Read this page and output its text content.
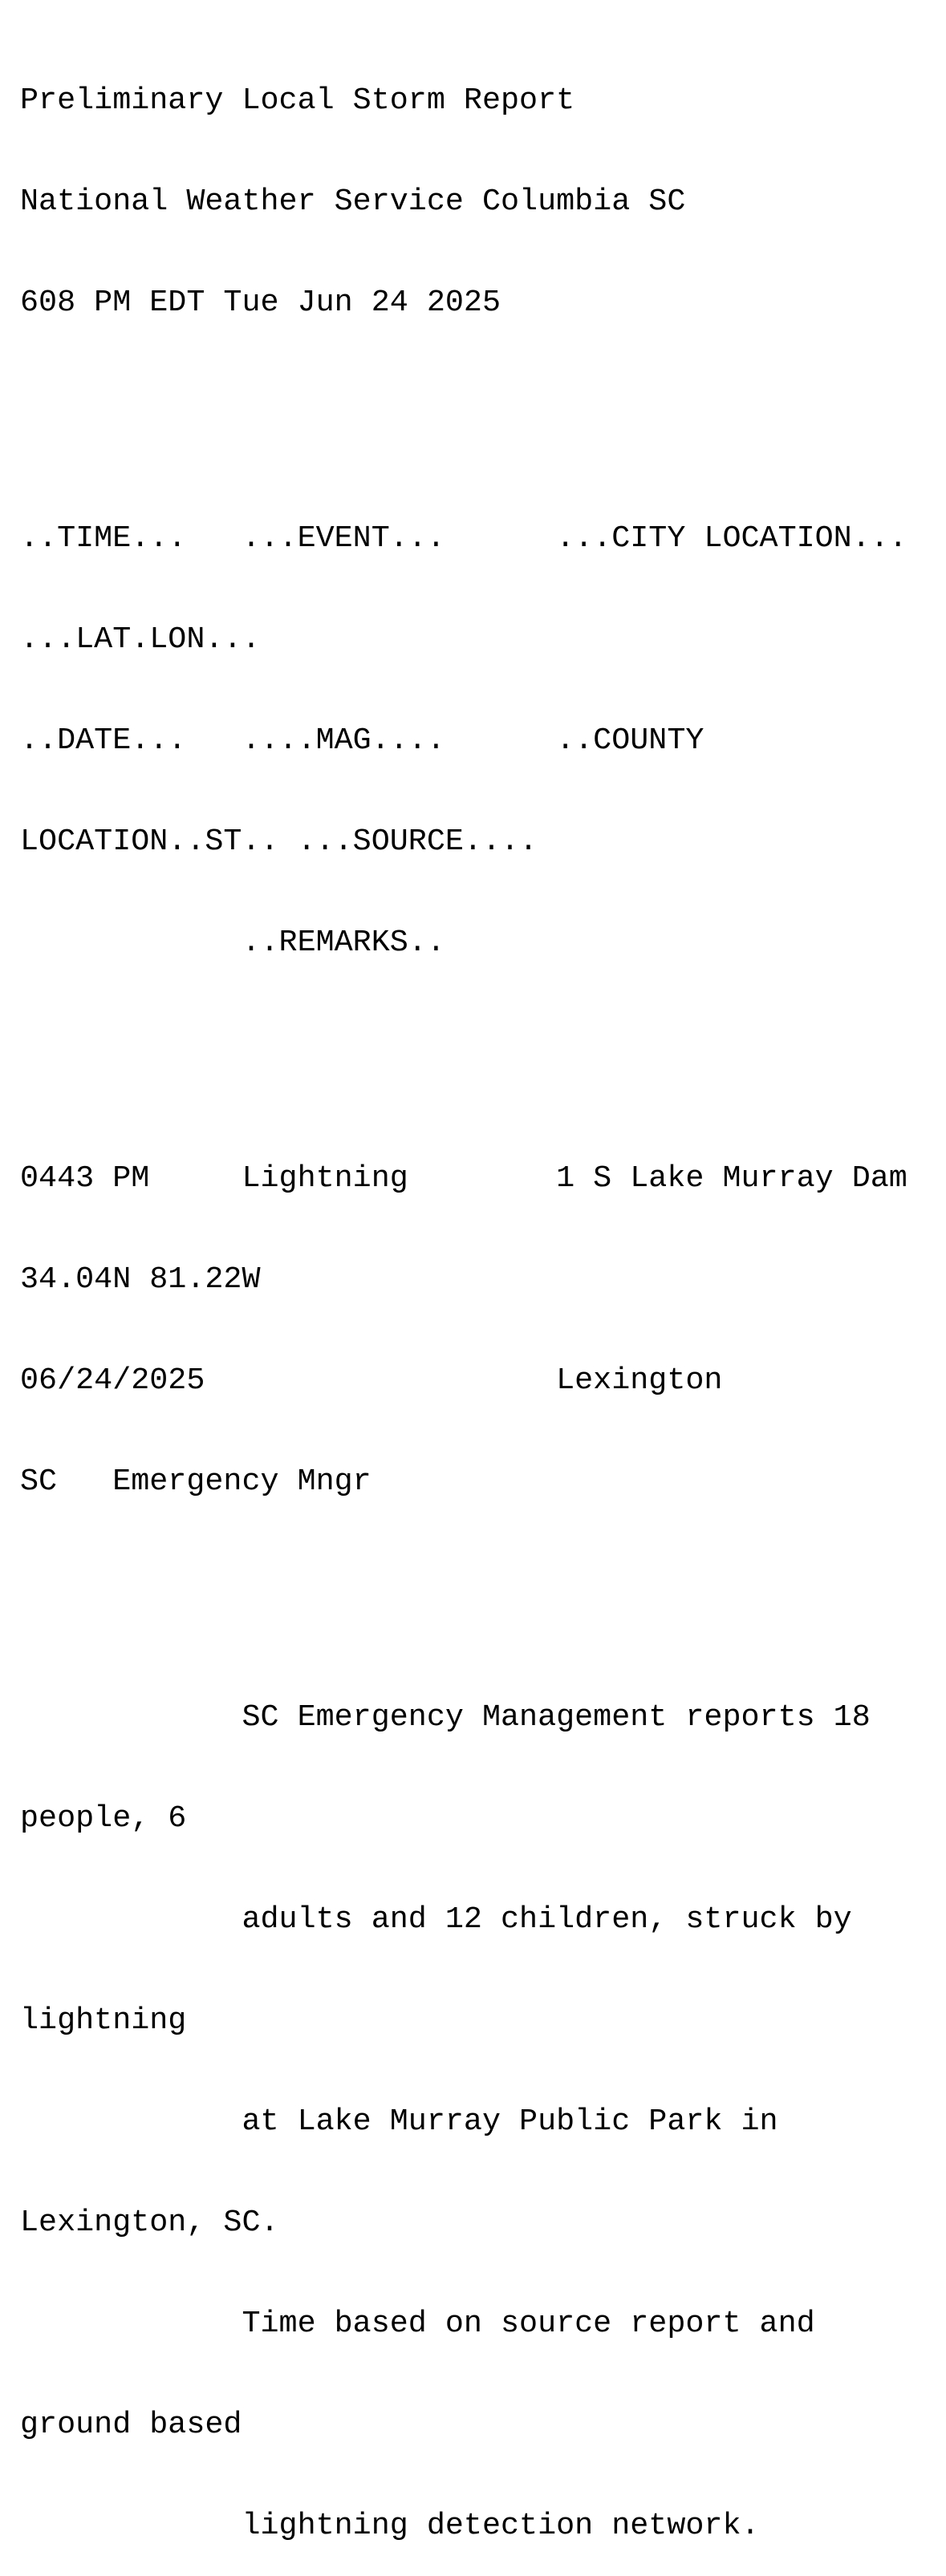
Preliminary Local Storm Report

National Weather Service Columbia SC

608 PM EDT Tue Jun 24 2025

..TIME...   ...EVENT...      ...CITY LOCATION...

...LAT.LON...

..DATE...   ....MAG....      ..COUNTY

LOCATION..ST.. ...SOURCE....

..REMARKS..

0443 PM     Lightning        1 S Lake Murray Dam

34.04N 81.22W

06/24/2025                   Lexington

SC   Emergency Mngr

SC Emergency Management reports 18

people, 6

adults and 12 children, struck by

lightning

at Lake Murray Public Park in

Lexington, SC.

Time based on source report and

ground based

lightning detection network.
